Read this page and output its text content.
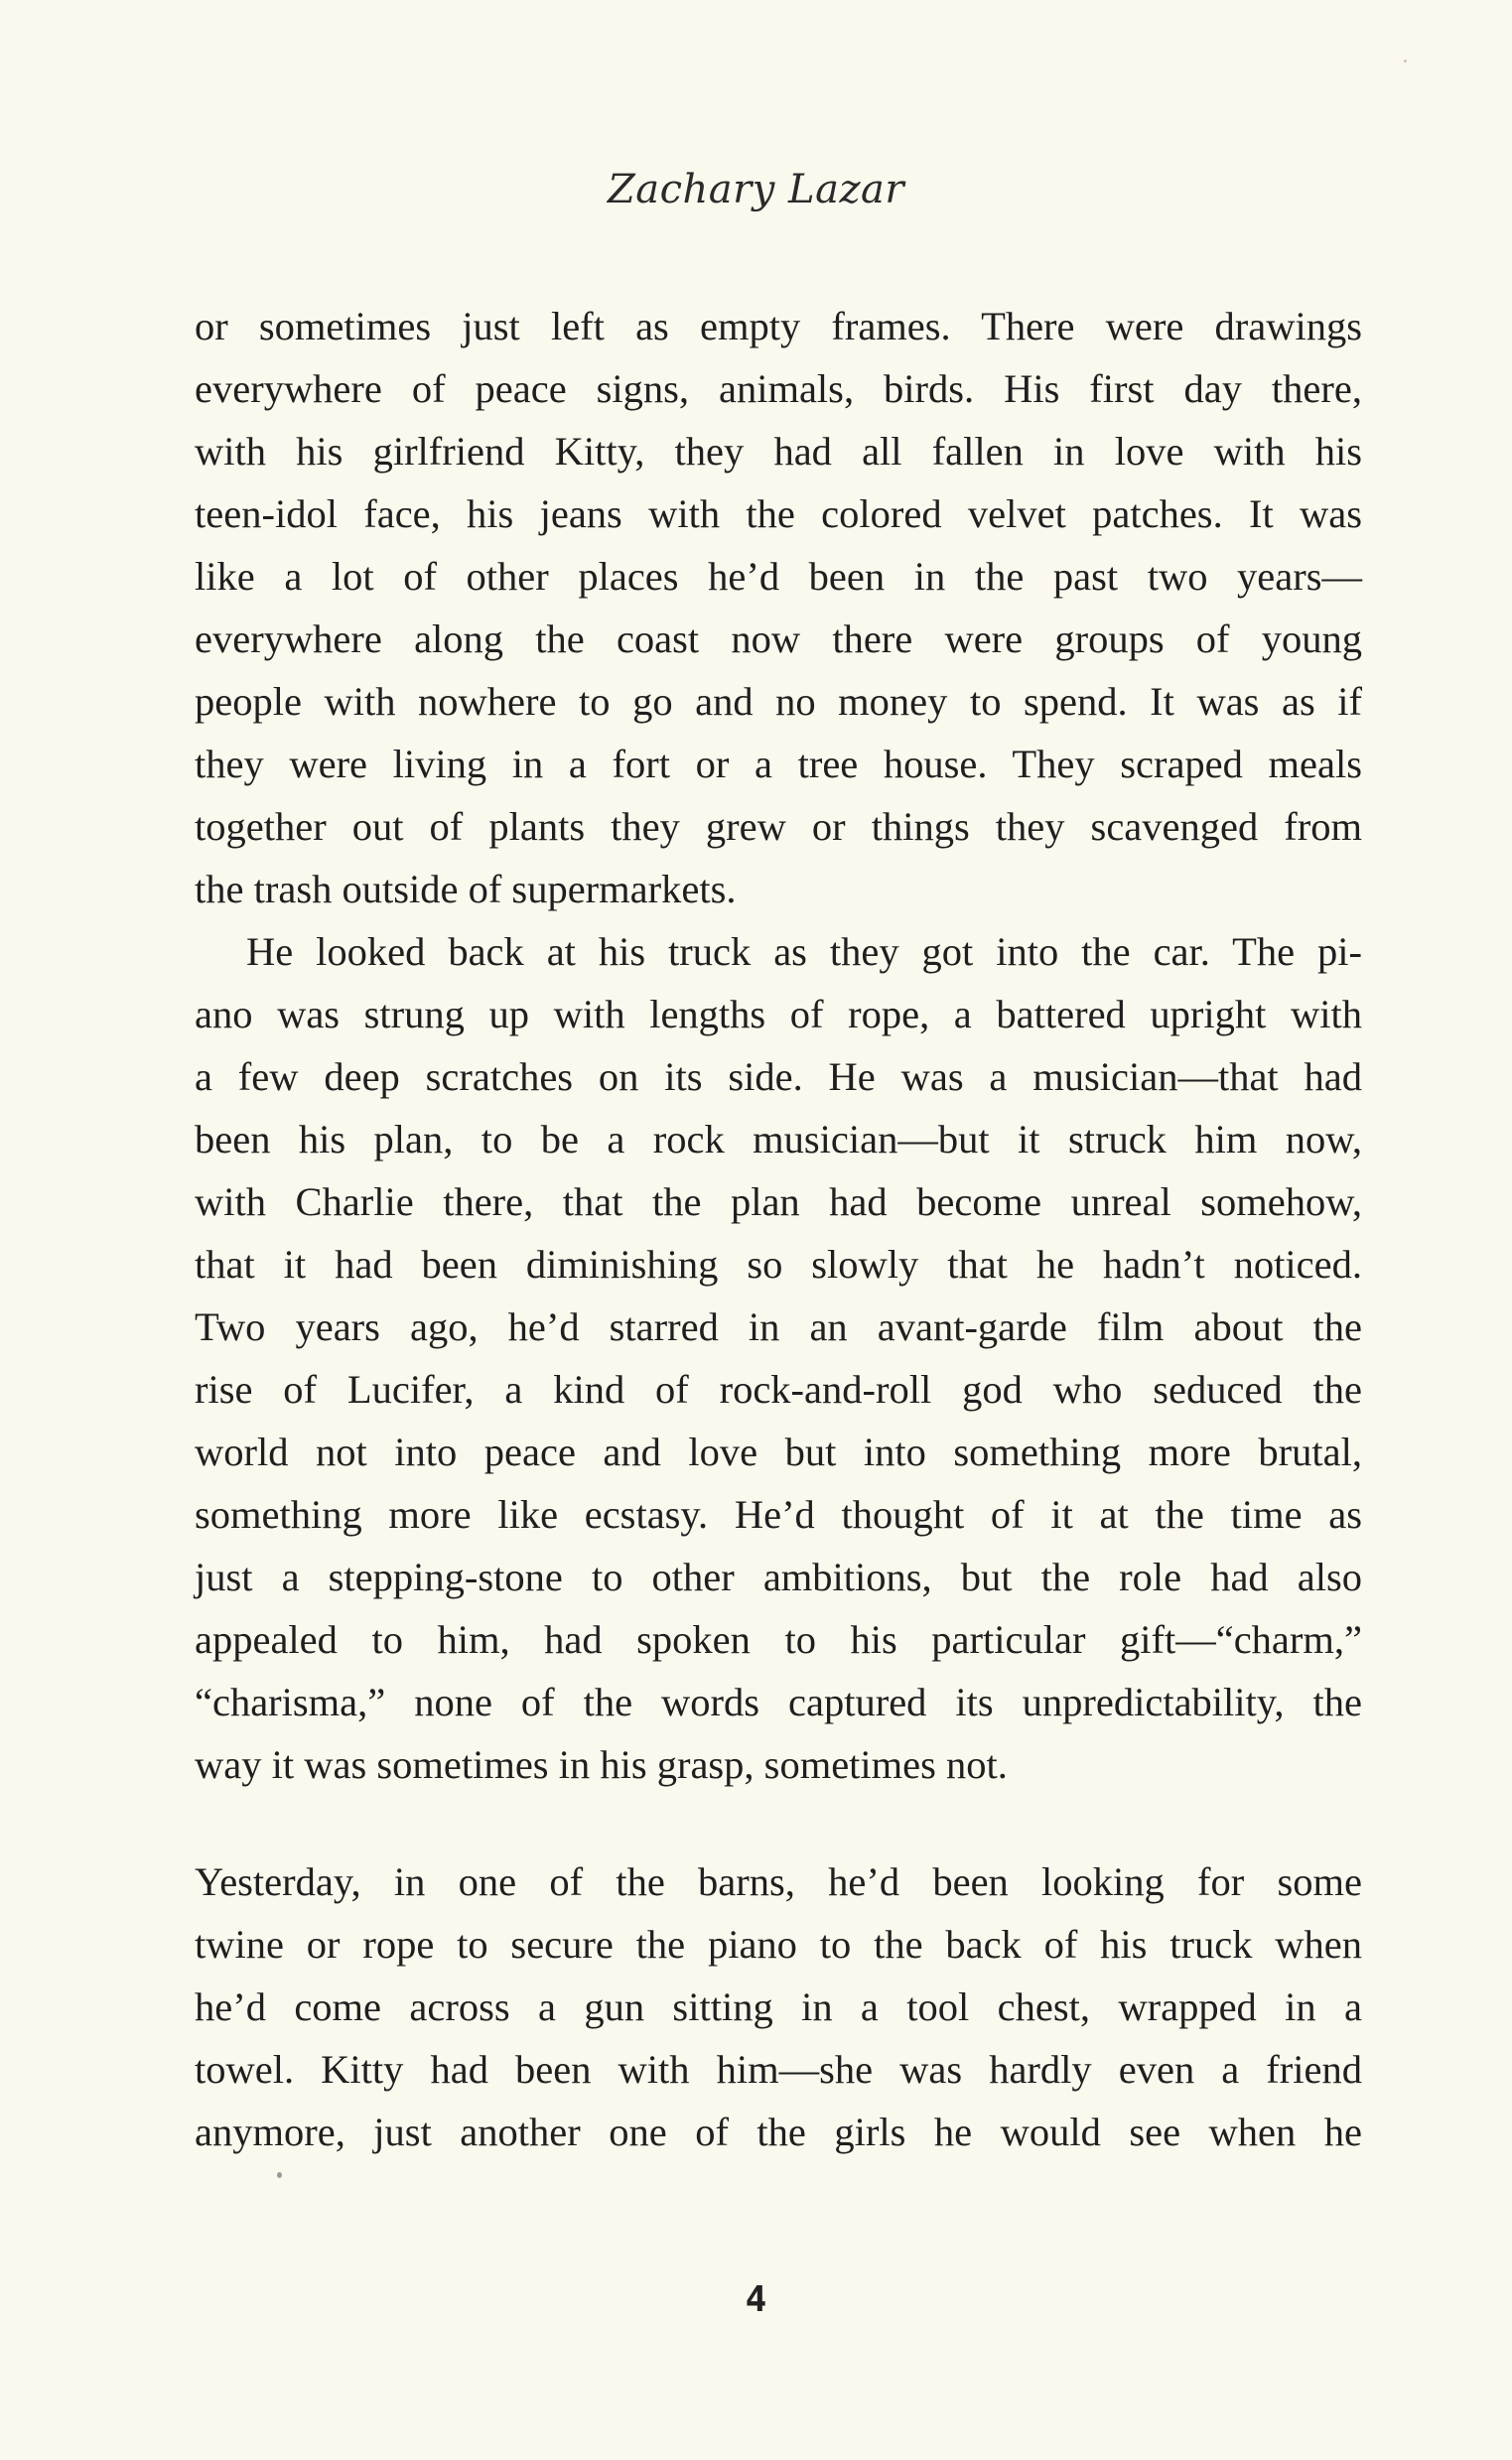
Zachary Lazar
or sometimes just left as empty frames. There were drawings
everywhere of peace signs, animals, birds. His first day there,
with his girlfriend Kitty, they had all fallen in love with his
teen-idol face, his jeans with the colored velvet patches. It was
like a lot of other places he’d been in the past two years—
everywhere along the coast now there were groups of young
people with nowhere to go and no money to spend. It was as if
they were living in a fort or a tree house. They scraped meals
together out of plants they grew or things they scavenged from
the trash outside of supermarkets.
He looked back at his truck as they got into the car. The pi-
ano was strung up with lengths of rope, a battered upright with
a few deep scratches on its side. He was a musician—that had
been his plan, to be a rock musician—but it struck him now,
with Charlie there, that the plan had become unreal somehow,
that it had been diminishing so slowly that he hadn’t noticed.
Two years ago, he’d starred in an avant-garde film about the
rise of Lucifer, a kind of rock-and-roll god who seduced the
world not into peace and love but into something more brutal,
something more like ecstasy. He’d thought of it at the time as
just a stepping-stone to other ambitions, but the role had also
appealed to him, had spoken to his particular gift—“charm,”
“charisma,” none of the words captured its unpredictability, the
way it was sometimes in his grasp, sometimes not.
Yesterday, in one of the barns, he’d been looking for some
twine or rope to secure the piano to the back of his truck when
he’d come across a gun sitting in a tool chest, wrapped in a
towel. Kitty had been with him—she was hardly even a friend
anymore, just another one of the girls he would see when he
4
